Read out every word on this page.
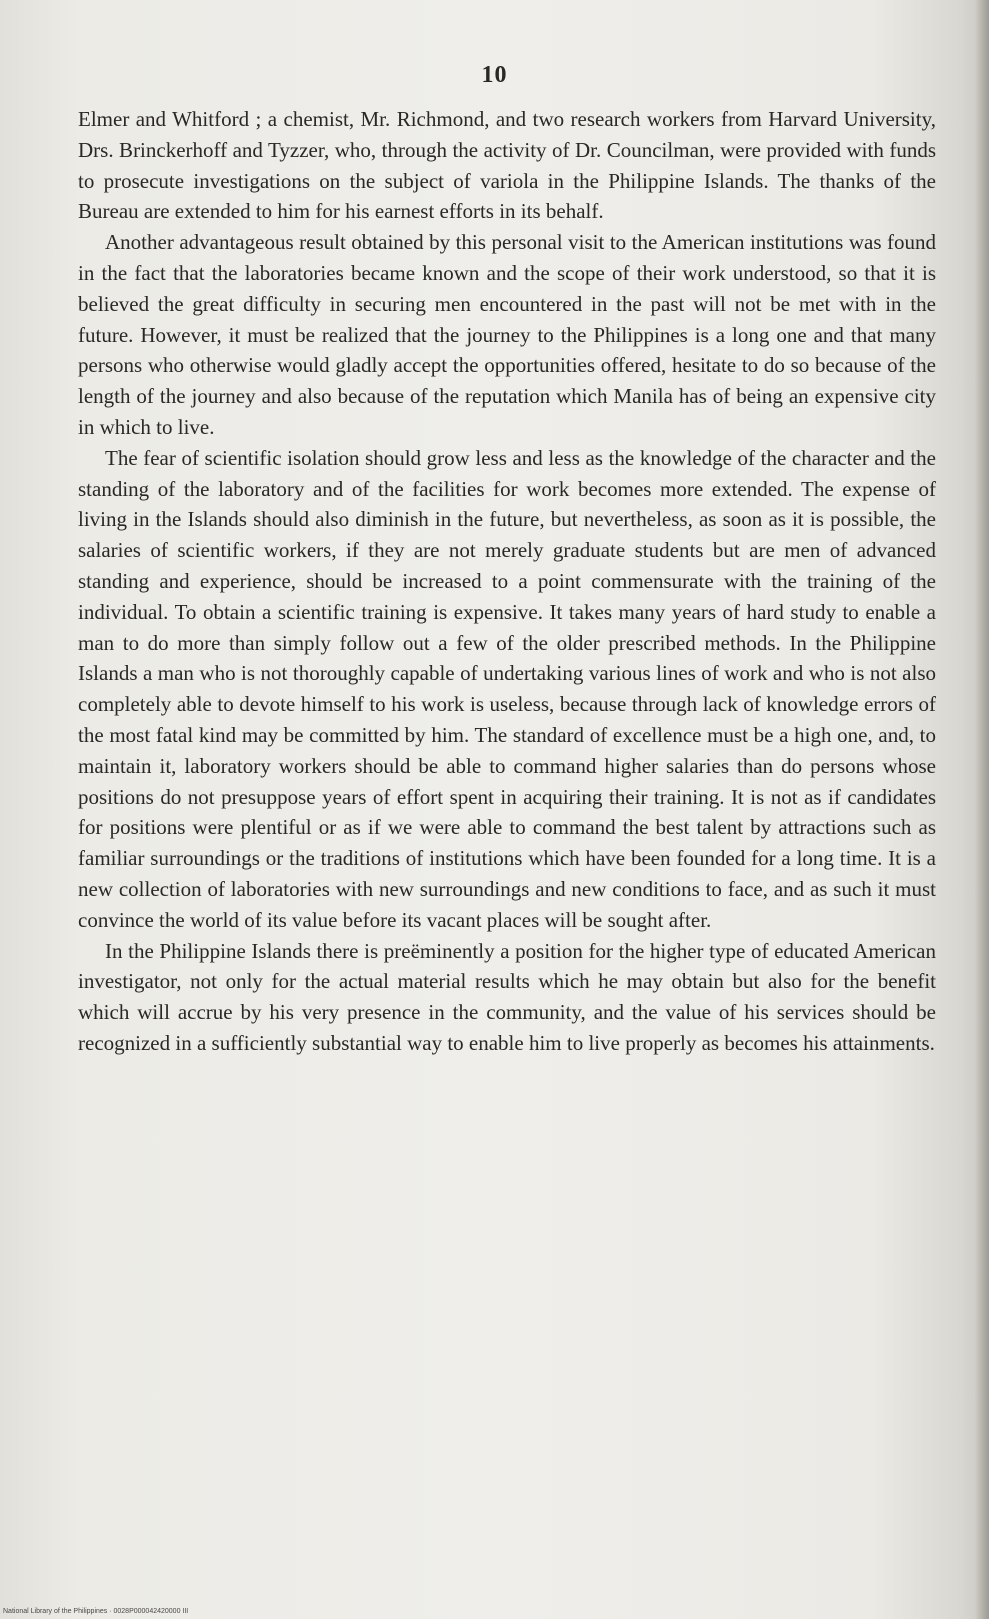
10

Elmer and Whitford ; a chemist, Mr. Richmond, and two research workers from Harvard University, Drs. Brinckerhoff and Tyzzer, who, through the activity of Dr. Councilman, were provided with funds to prosecute investigations on the subject of variola in the Philippine Islands. The thanks of the Bureau are extended to him for his earnest efforts in its behalf.

Another advantageous result obtained by this personal visit to the American institutions was found in the fact that the laboratories became known and the scope of their work understood, so that it is believed the great difficulty in securing men encountered in the past will not be met with in the future. However, it must be realized that the journey to the Philippines is a long one and that many persons who otherwise would gladly accept the opportunities offered, hesitate to do so because of the length of the journey and also because of the reputation which Manila has of being an expensive city in which to live.

The fear of scientific isolation should grow less and less as the knowledge of the character and the standing of the laboratory and of the facilities for work becomes more extended. The expense of living in the Islands should also diminish in the future, but nevertheless, as soon as it is possible, the salaries of scientific workers, if they are not merely graduate students but are men of advanced standing and experience, should be increased to a point commensurate with the training of the individual. To obtain a scientific training is expensive. It takes many years of hard study to enable a man to do more than simply follow out a few of the older prescribed methods. In the Philippine Islands a man who is not thoroughly capable of undertaking various lines of work and who is not also completely able to devote himself to his work is useless, because through lack of knowledge errors of the most fatal kind may be committed by him. The standard of excellence must be a high one, and, to maintain it, laboratory workers should be able to command higher salaries than do persons whose positions do not presuppose years of effort spent in acquiring their training. It is not as if candidates for positions were plentiful or as if we were able to command the best talent by attractions such as familiar surroundings or the traditions of institutions which have been founded for a long time. It is a new collection of laboratories with new surroundings and new conditions to face, and as such it must convince the world of its value before its vacant places will be sought after.

In the Philippine Islands there is preëminently a position for the higher type of educated American investigator, not only for the actual material results which he may obtain but also for the benefit which will accrue by his very presence in the community, and the value of his services should be recognized in a sufficiently substantial way to enable him to live properly as becomes his attainments.

National Library of the Philippines · 0028P000042420000 III
